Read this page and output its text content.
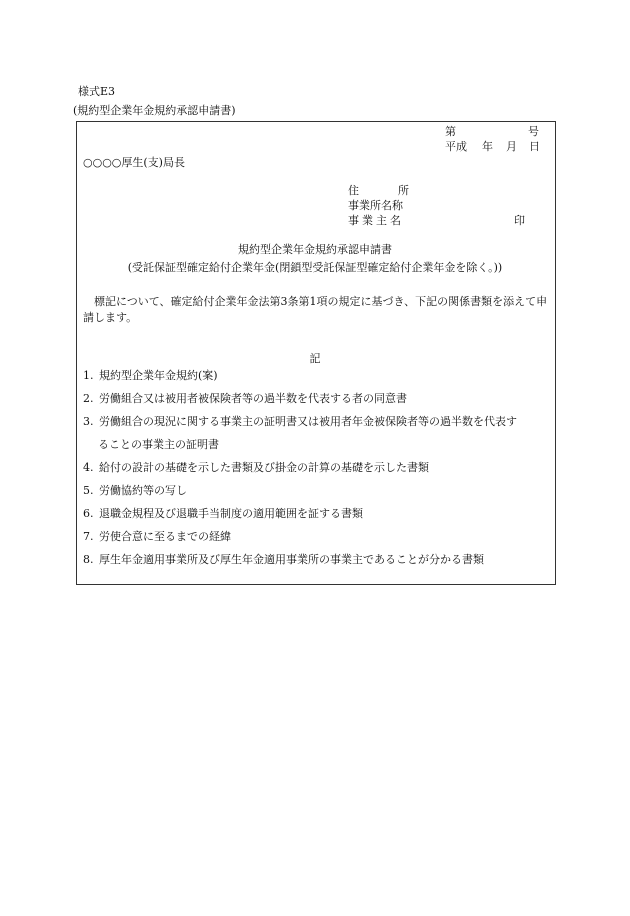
様式E3
(規約型企業年金規約承認申請書)
第	号
平成 年 月 日
○○○○厚生(支)局長
住	所
事業所名称
事業主名	印
規約型企業年金規約承認申請書
(受託保証型確定給付企業年金(閉鎖型受託保証型確定給付企業年金を除く。))
標記について、確定給付企業年金法第3条第1項の規定に基づき、下記の関係書類を添えて申請します。
記
1. 規約型企業年金規約(案)
2. 労働組合又は被用者被保険者等の過半数を代表する者の同意書
3. 労働組合の現況に関する事業主の証明書又は被用者年金被保険者等の過半数を代表す
ることの事業主の証明書
4. 給付の設計の基礎を示した書類及び掛金の計算の基礎を示した書類
5. 労働協約等の写し
6. 退職金規程及び退職手当制度の適用範囲を証する書類
7. 労使合意に至るまでの経緯
8. 厚生年金適用事業所及び厚生年金適用事業所の事業主であることが分かる書類
